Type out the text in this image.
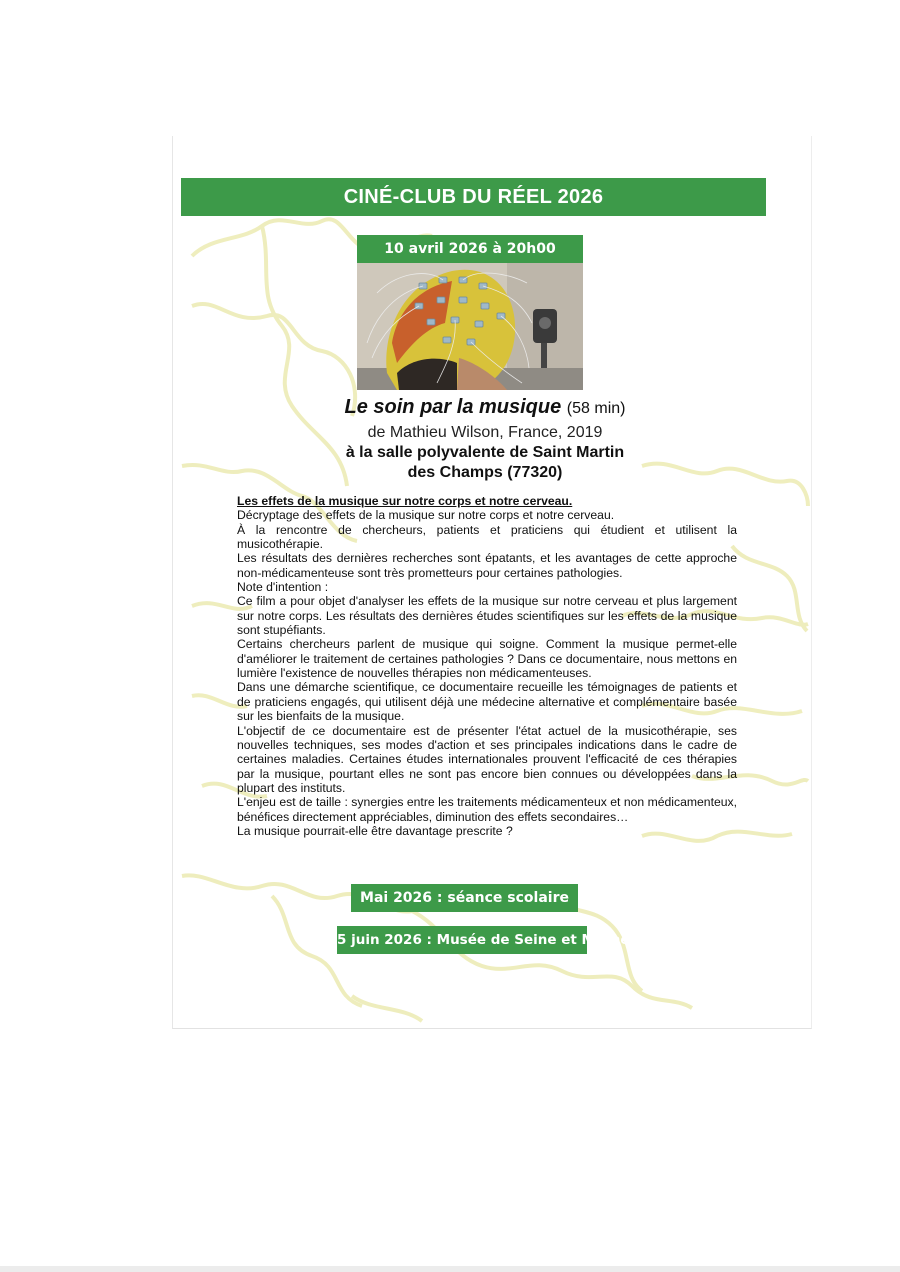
CINÉ-CLUB DU RÉEL 2026
10 avril 2026 à 20h00
Le soin par la musique (58 min)
de Mathieu Wilson, France, 2019
à la salle polyvalente de Saint Martin
des Champs (77320)

Les effets de la musique sur notre corps et notre cerveau.

Décryptage des effets de la musique sur notre corps et notre cerveau.

À la rencontre de chercheurs, patients et praticiens qui étudient et utilisent la musicothérapie.

Les résultats des dernières recherches sont épatants, et les avantages de cette approche non-médicamenteuse sont très prometteurs pour certaines pathologies.

Note d'intention :

Ce film a pour objet d'analyser les effets de la musique sur notre cerveau et plus largement sur notre corps. Les résultats des dernières études scientifiques sur les effets de la musique sont stupéfiants.

Certains chercheurs parlent de musique qui soigne. Comment la musique permet-elle d'améliorer le traitement de certaines pathologies ? Dans ce documentaire, nous mettons en lumière l'existence de nouvelles thérapies non médicamenteuses.

Dans une démarche scientifique, ce documentaire recueille les témoignages de patients et de praticiens engagés, qui utilisent déjà une médecine alternative et complémentaire basée sur les bienfaits de la musique.

L'objectif de ce documentaire est de présenter l'état actuel de la musicothérapie, ses nouvelles techniques, ses modes d'action et ses principales indications dans le cadre de certaines maladies. Certaines études internationales prouvent l'efficacité de ces thérapies par la musique, pourtant elles ne sont pas encore bien connues ou développées dans la plupart des instituts.

L'enjeu est de taille : synergies entre les traitements médicamenteux et non médicamenteux, bénéfices directement appréciables, diminution des effets secondaires…

La musique pourrait-elle être davantage prescrite ?

Mai 2026 : séance scolaire
5 juin 2026 : Musée de Seine et Marne
